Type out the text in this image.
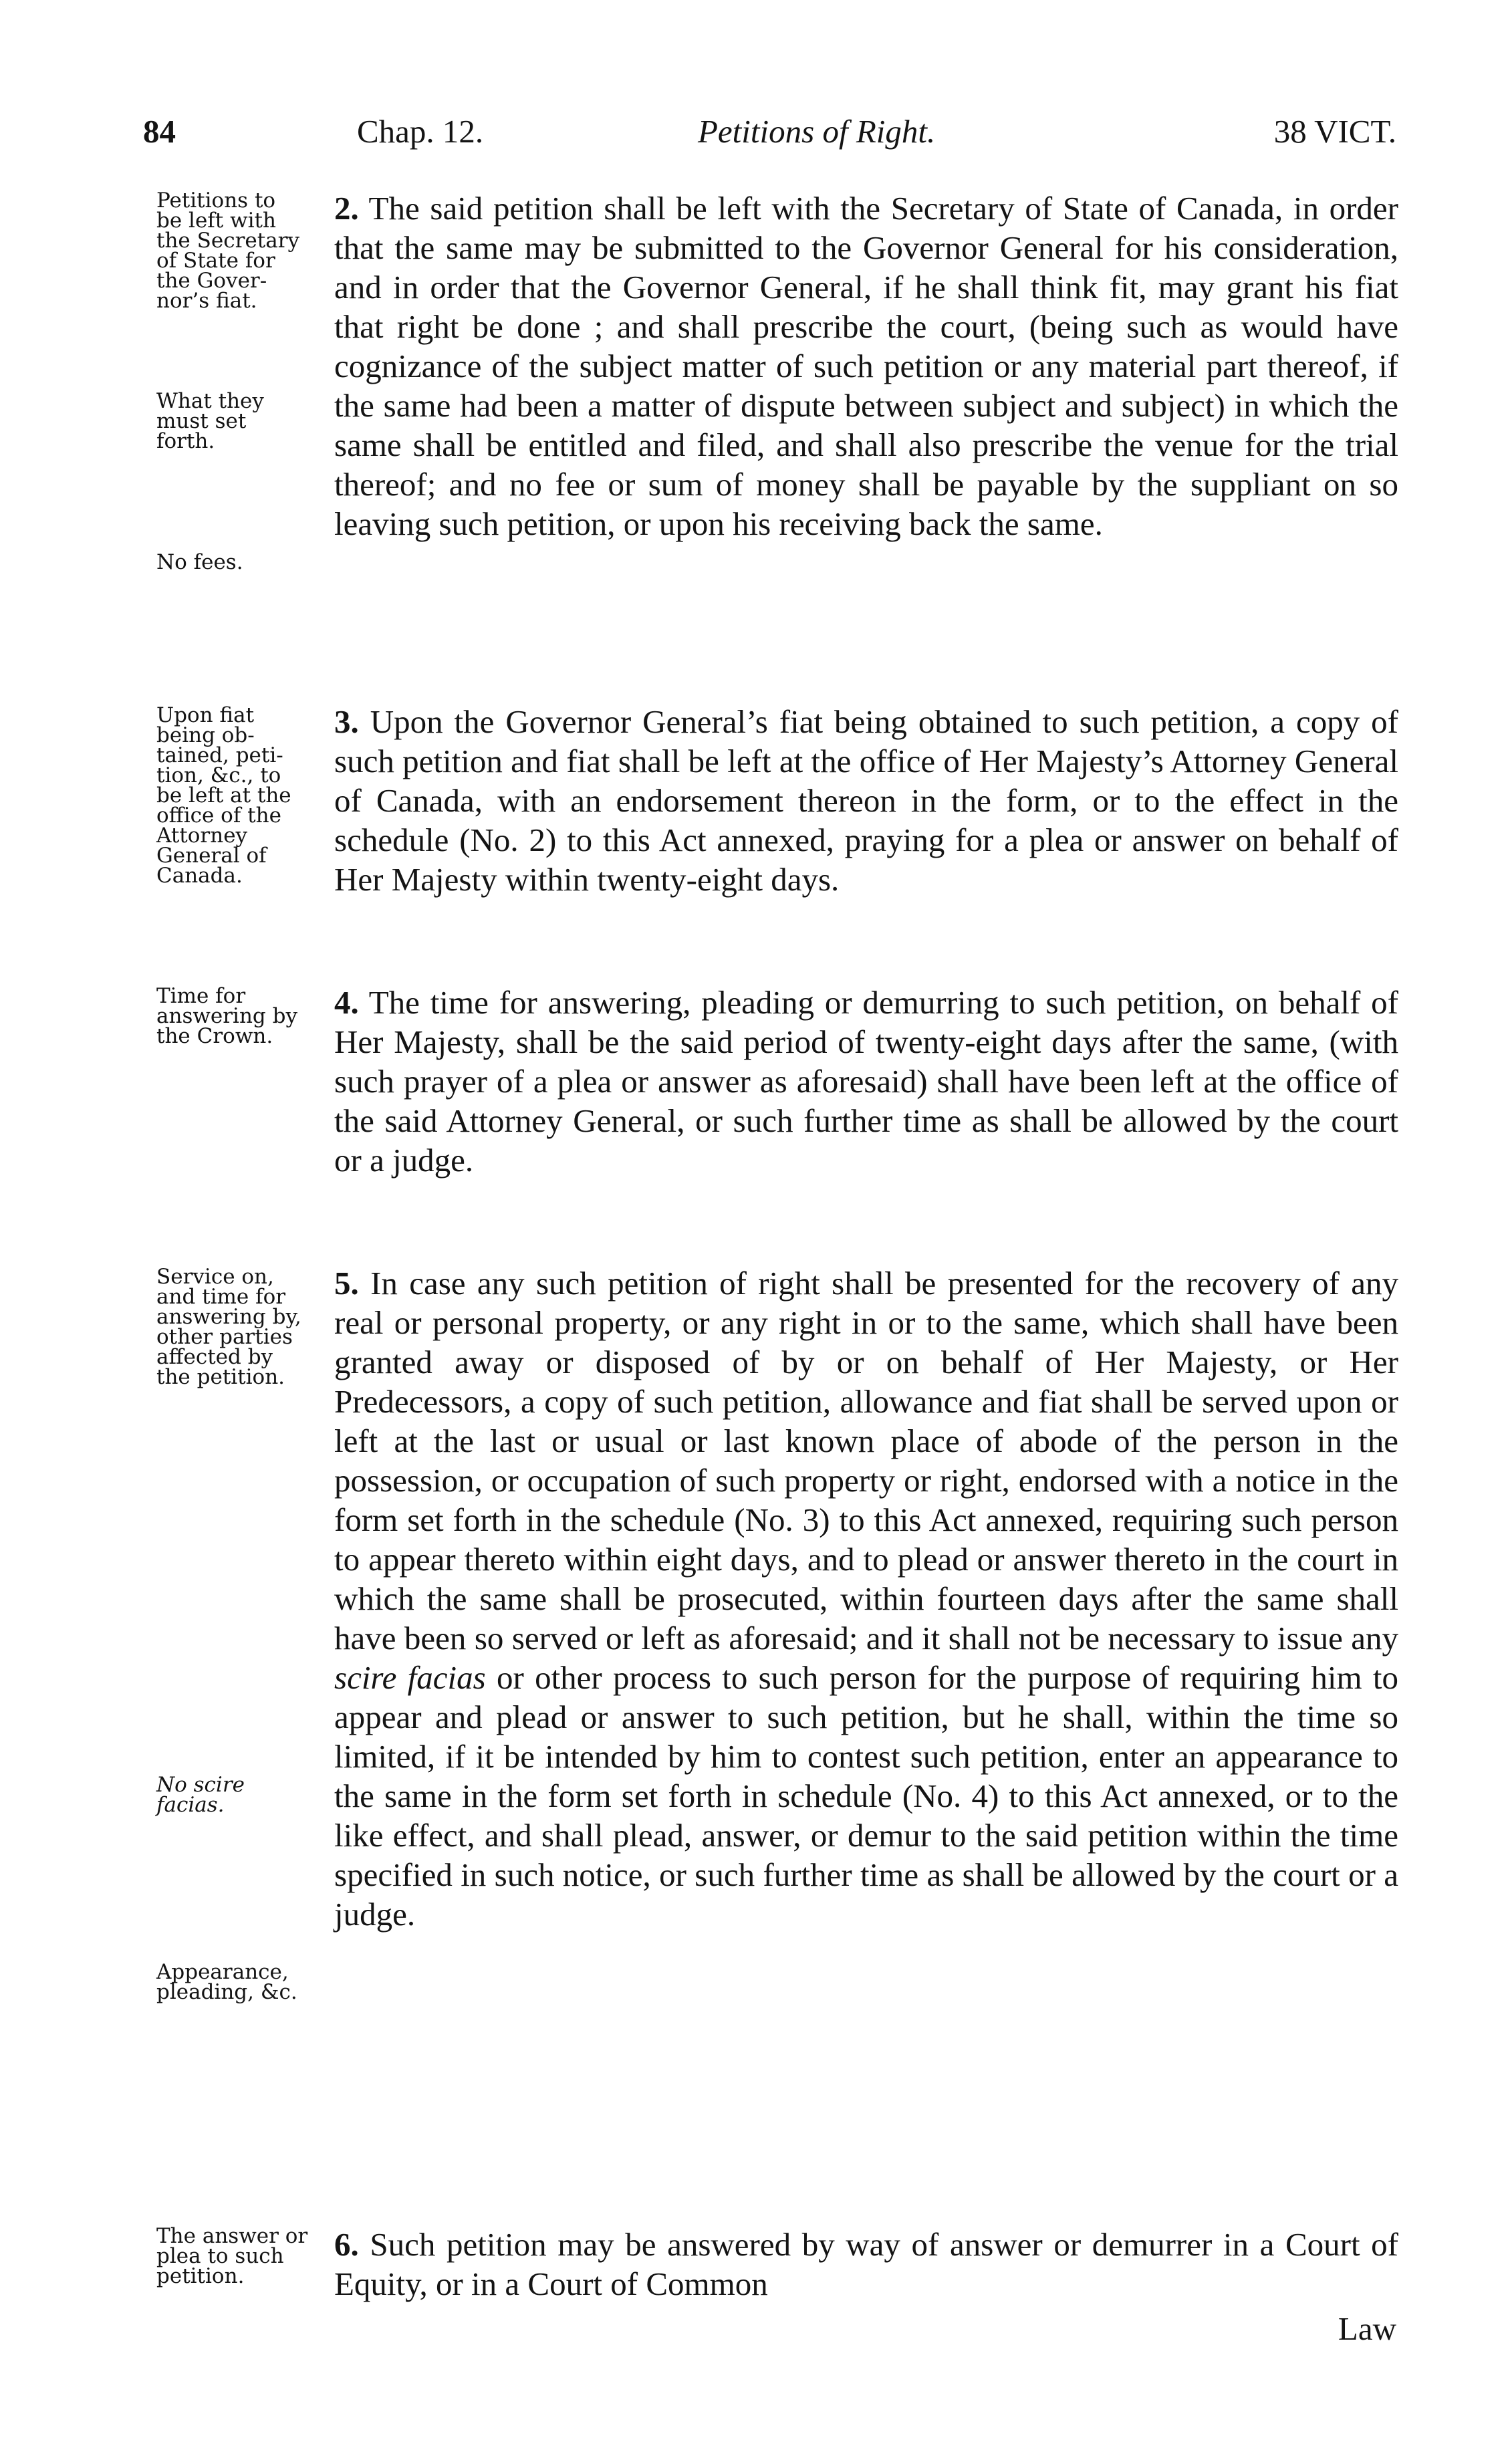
84	Chap. 12.	Petitions of Right.	38 VICT.
Petitions to
be left with
the Secretary
of State for
the Gover-
nor’s fiat.
What they
must set
forth.
No fees.
Upon fiat
being ob-
tained, peti-
tion, &c., to
be left at the
office of the
Attorney
General of
Canada.
Time for
answering by
the Crown.
Service on,
and time for
answering by,
other parties
affected by
the petition.
No scire
facias.
Appearance,
pleading, &c.
The answer or
plea to such
petition.
2. The said petition shall be left with the Secretary of State of Canada, in order that the same may be submitted to the Governor General for his consideration, and in order that the Governor General, if he shall think fit, may grant his fiat that right be done ; and shall prescribe the court, (being such as would have cognizance of the subject matter of such petition or any material part thereof, if the same had been a matter of dispute between subject and subject) in which the same shall be entitled and filed, and shall also prescribe the venue for the trial thereof; and no fee or sum of money shall be payable by the suppliant on so leaving such petition, or upon his receiving back the same.
3. Upon the Governor General’s fiat being obtained to such petition, a copy of such petition and fiat shall be left at the office of Her Majesty’s Attorney General of Canada, with an endorsement thereon in the form, or to the effect in the schedule (No. 2) to this Act annexed, praying for a plea or answer on behalf of Her Majesty within twenty-eight days.
4. The time for answering, pleading or demurring to such petition, on behalf of Her Majesty, shall be the said period of twenty-eight days after the same, (with such prayer of a plea or answer as aforesaid) shall have been left at the office of the said Attorney General, or such further time as shall be allowed by the court or a judge.
5. In case any such petition of right shall be presented for the recovery of any real or personal property, or any right in or to the same, which shall have been granted away or disposed of by or on behalf of Her Majesty, or Her Predecessors, a copy of such petition, allowance and fiat shall be served upon or left at the last or usual or last known place of abode of the person in the possession, or occupation of such property or right, endorsed with a notice in the form set forth in the schedule (No. 3) to this Act annexed, requiring such person to appear thereto within eight days, and to plead or answer thereto in the court in which the same shall be prosecuted, within fourteen days after the same shall have been so served or left as aforesaid; and it shall not be necessary to issue any scire facias or other process to such person for the purpose of requiring him to appear and plead or answer to such petition, but he shall, within the time so limited, if it be intended by him to contest such petition, enter an appearance to the same in the form set forth in schedule (No. 4) to this Act annexed, or to the like effect, and shall plead, answer, or demur to the said petition within the time specified in such notice, or such further time as shall be allowed by the court or a judge.
6. Such petition may be answered by way of answer or demurrer in a Court of Equity, or in a Court of Common
Law
